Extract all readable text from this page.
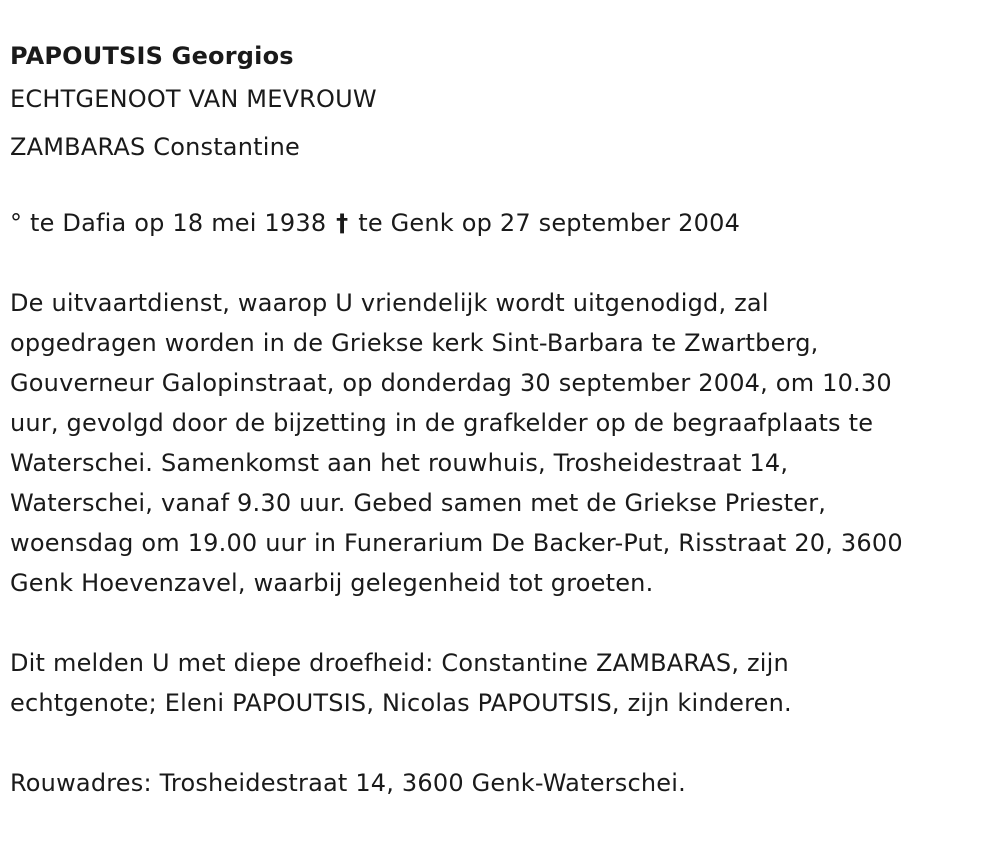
PAPOUTSIS Georgios
ECHTGENOOT VAN MEVROUW
ZAMBARAS Constantine
° te Dafia op 18 mei 1938 † te Genk op 27 september 2004
De uitvaartdienst, waarop U vriendelijk wordt uitgenodigd, zal
opgedragen worden in de Griekse kerk Sint-Barbara te Zwartberg,
Gouverneur Galopinstraat, op donderdag 30 september 2004, om 10.30
uur, gevolgd door de bijzetting in de grafkelder op de begraafplaats te
Waterschei. Samenkomst aan het rouwhuis, Trosheidestraat 14,
Waterschei, vanaf 9.30 uur. Gebed samen met de Griekse Priester,
woensdag om 19.00 uur in Funerarium De Backer-Put, Risstraat 20, 3600
Genk Hoevenzavel, waarbij gelegenheid tot groeten.
Dit melden U met diepe droefheid: Constantine ZAMBARAS, zijn
echtgenote; Eleni PAPOUTSIS, Nicolas PAPOUTSIS, zijn kinderen.
Rouwadres: Trosheidestraat 14, 3600 Genk-Waterschei.
